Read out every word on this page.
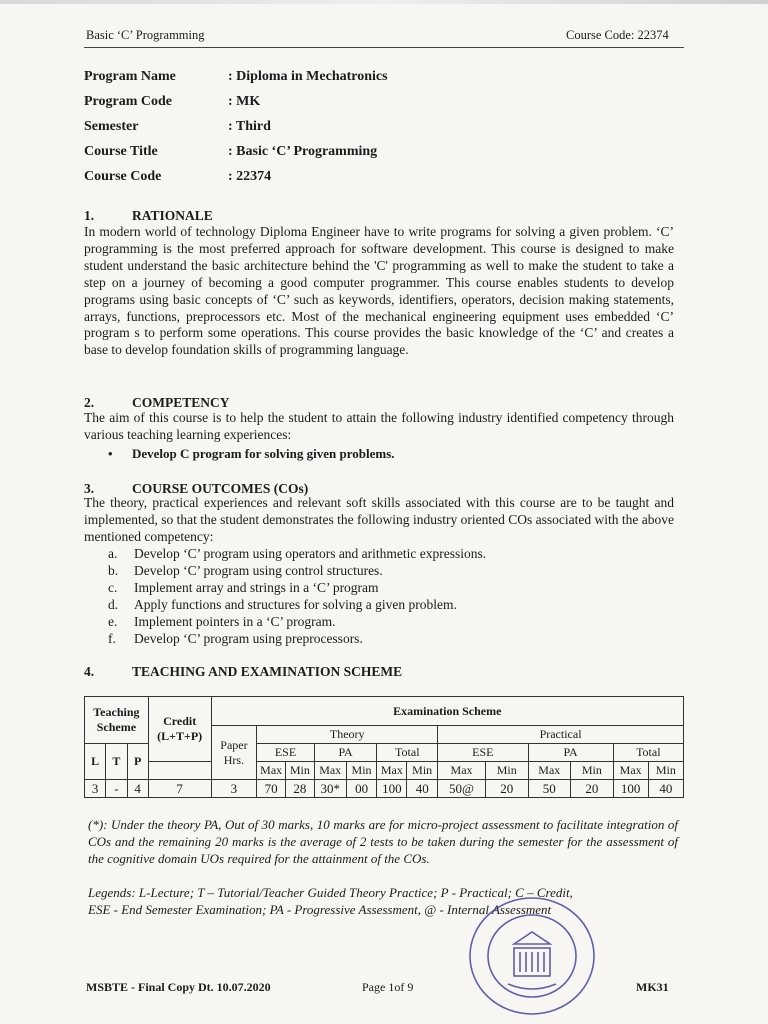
Basic ‘C’ Programming	Course Code: 22374
Program Name	: Diploma in Mechatronics
Program Code	: MK
Semester	: Third
Course Title	: Basic ‘C’ Programming
Course Code	: 22374
1.	RATIONALE
In modern world of technology Diploma Engineer have to write programs for solving a given problem. ‘C’ programming is the most preferred approach for software development. This course is designed to make student understand the basic architecture behind the 'C' programming as well to make the student to take a step on a journey of becoming a good computer programmer. This course enables students to develop programs using basic concepts of ‘C’ such as keywords, identifiers, operators, decision making statements, arrays, functions, preprocessors etc. Most of the mechanical engineering equipment uses embedded ‘C’ program s to perform some operations. This course provides the basic knowledge of the ‘C’ and creates a base to develop foundation skills of programming language.
2.	COMPETENCY
The aim of this course is to help the student to attain the following industry identified competency through various teaching learning experiences:
• Develop C program for solving given problems.
3.	COURSE OUTCOMES (COs)
The theory, practical experiences and relevant soft skills associated with this course are to be taught and implemented, so that the student demonstrates the following industry oriented COs associated with the above mentioned competency:
a.	Develop ‘C’ program using operators and arithmetic expressions.
b.	Develop ‘C’ program using control structures.
c.	Implement array and strings in a ‘C’ program
d.	Apply functions and structures for solving a given problem.
e.	Implement pointers in a ‘C’ program.
f.	Develop ‘C’ program using preprocessors.
4.	TEACHING AND EXAMINATION SCHEME
Teaching Scheme			Credit (L+T+P)	Examination Scheme												
				Paper Hrs.	Theory						Practical					
L	T	P			ESE		PA		Total		ESE		PA		Total	
					Max	Min	Max	Min	Max	Min	Max	Min	Max	Min	Max	Min
3	-	4	7	3	70	28	30*	00	100	40	50@	20	50	20	100	40
(*): Under the theory PA, Out of 30 marks, 10 marks are for micro-project assessment to facilitate integration of COs and the remaining 20 marks is the average of 2 tests to be taken during the semester for the assessment of the cognitive domain UOs required for the attainment of the COs.
Legends: L-Lecture; T – Tutorial/Teacher Guided Theory Practice; P - Practical; C – Credit,
ESE - End Semester Examination; PA - Progressive Assessment, @ - Internal Assessment
MSBTE - Final Copy Dt. 10.07.2020	Page 1of 9	MK31
